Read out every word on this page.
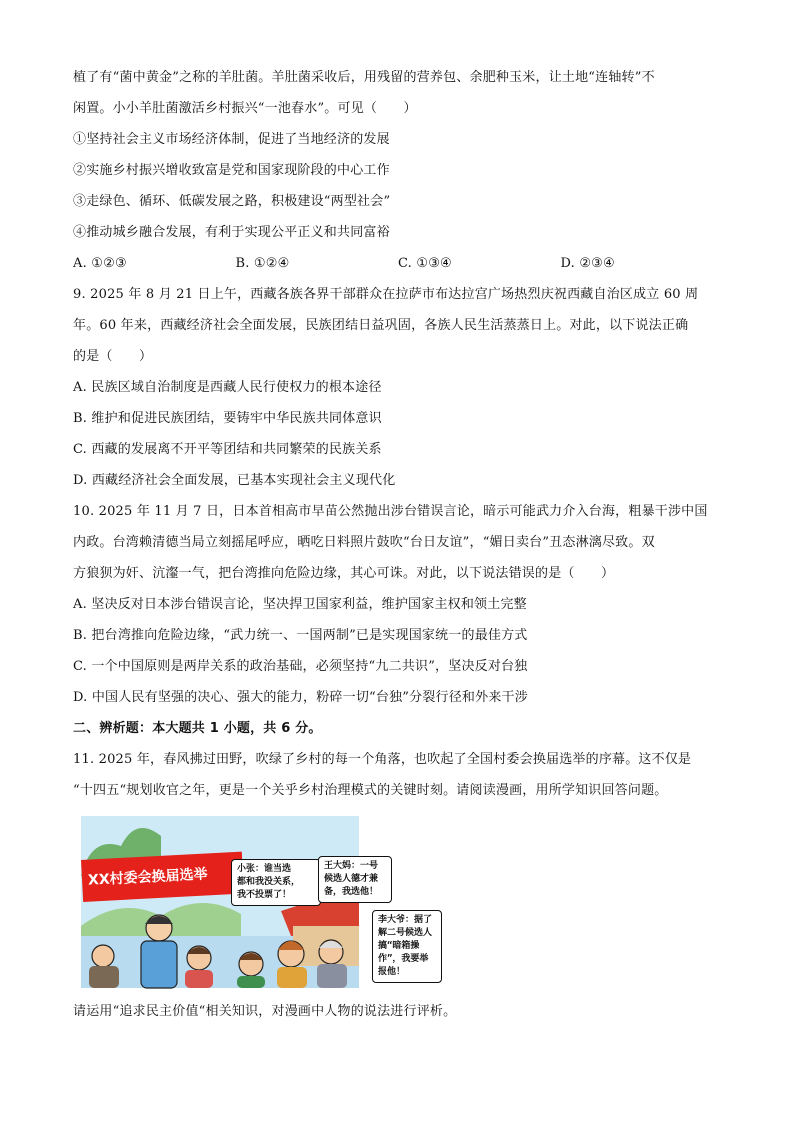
植了有“菌中黄金”之称的羊肚菌。羊肚菌采收后，用残留的营养包、余肥种玉米，让土地“连轴转”不
闲置。小小羊肚菌激活乡村振兴“一池春水”。可见（　　）
①坚持社会主义市场经济体制，促进了当地经济的发展
②实施乡村振兴增收致富是党和国家现阶段的中心工作
③走绿色、循环、低碳发展之路，积极建设“两型社会”
④推动城乡融合发展，有利于实现公平正义和共同富裕
A. ①②③	B. ①②④	C. ①③④	D. ②③④
9. 2025 年 8 月 21 日上午，西藏各族各界干部群众在拉萨市布达拉宫广场热烈庆祝西藏自治区成立 60 周
年。60 年来，西藏经济社会全面发展，民族团结日益巩固，各族人民生活蒸蒸日上。对此，以下说法正确
的是（　　）
A. 民族区域自治制度是西藏人民行使权力的根本途径
B. 维护和促进民族团结，要铸牢中华民族共同体意识
C. 西藏的发展离不开平等团结和共同繁荣的民族关系
D. 西藏经济社会全面发展，已基本实现社会主义现代化
10. 2025 年 11 月 7 日，日本首相高市早苗公然抛出涉台错误言论，暗示可能武力介入台海，粗暴干涉中国
内政。台湾赖清德当局立刻摇尾呼应，晒吃日料照片鼓吹“台日友谊”，“媚日卖台”丑态淋漓尽致。双
方狼狈为奸、沆瀣一气，把台湾推向危险边缘，其心可诛。对此，以下说法错误的是（　　）
A. 坚决反对日本涉台错误言论，坚决捍卫国家利益，维护国家主权和领土完整
B. 把台湾推向危险边缘，“武力统一、一国两制”已是实现国家统一的最佳方式
C. 一个中国原则是两岸关系的政治基础，必须坚持“九二共识”，坚决反对台独
D. 中国人民有坚强的决心、强大的能力，粉碎一切“台独”分裂行径和外来干涉
二、辨析题：本大题共 1 小题，共 6 分。
11. 2025 年，春风拂过田野，吹绿了乡村的每一个角落，也吹起了全国村委会换届选举的序幕。这不仅是
“十四五“规划收官之年，更是一个关乎乡村治理模式的关键时刻。请阅读漫画，用所学知识回答问题。
XX村委会换届选举	小张：谁当选
都和我没关系，
我不投票了！
王大妈：一号
候选人德才兼
备，我选他！
李大爷：据了
解二号候选人
搞“暗箱操
作”，我要举
报他！
请运用“追求民主价值“相关知识，对漫画中人物的说法进行评析。
